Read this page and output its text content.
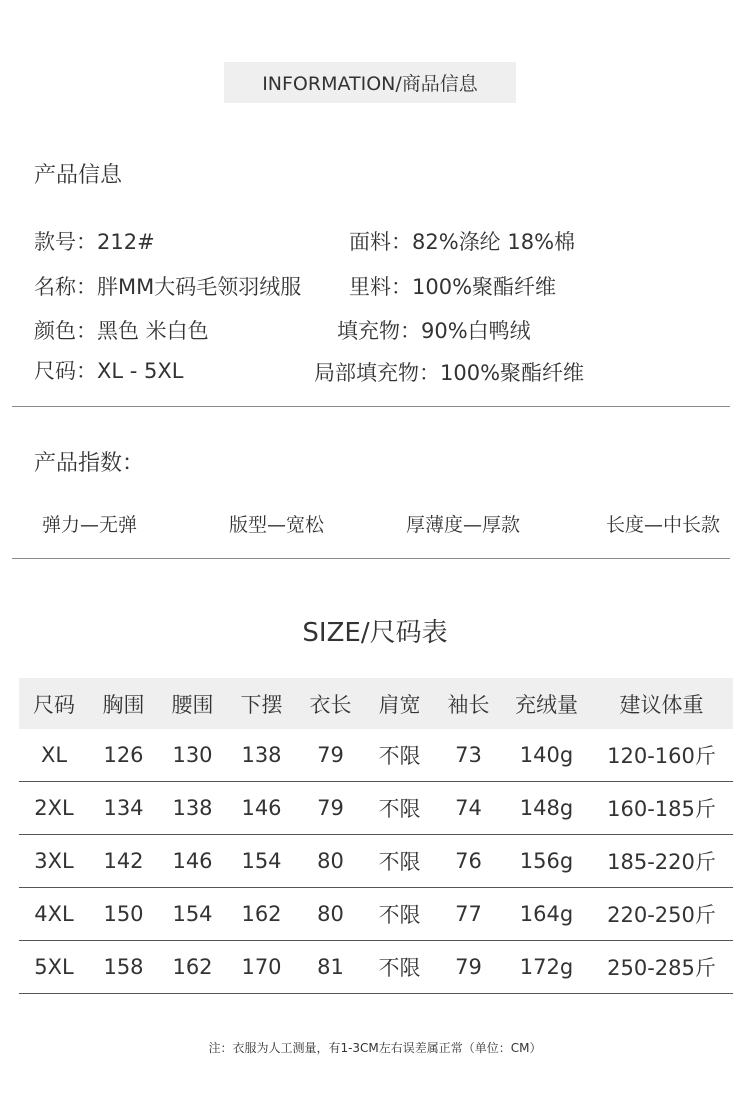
INFORMATION/商品信息
产品信息
款号：212#	面料：82%涤纶 18%棉
名称：胖MM大码毛领羽绒服 里料：100%聚酯纤维
颜色：黑色 米白色	填充物：90%白鸭绒
尺码：XL - 5XL	局部填充物：100%聚酯纤维
产品指数：
弹力—无弹	版型—宽松	厚薄度—厚款	长度—中长款
SIZE/尺码表
尺码	胸围	腰围	下摆	衣长	肩宽	袖长	充绒量	建议体重
XL	126	130	138	79	不限	73	140g	120-160斤
2XL	134	138	146	79	不限	74	148g	160-185斤
3XL	142	146	154	80	不限	76	156g	185-220斤
4XL	150	154	162	80	不限	77	164g	220-250斤
5XL	158	162	170	81	不限	79	172g	250-285斤
注：衣服为人工测量，有1-3CM左右误差属正常（单位：CM）
